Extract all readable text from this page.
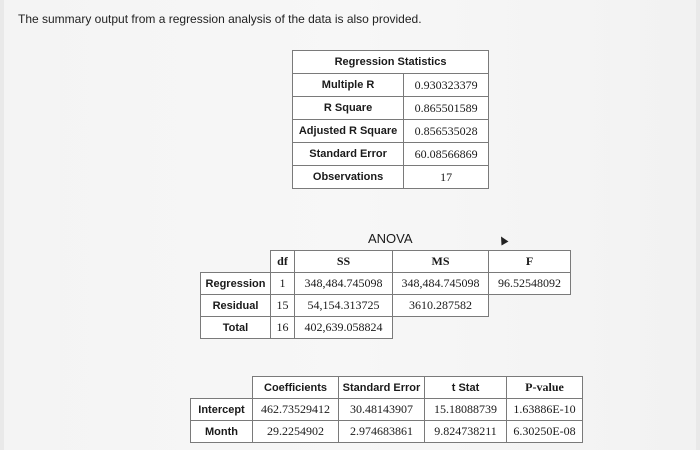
The summary output from a regression analysis of the data is also provided.
Regression Statistics	
Multiple R	0.930323379
R Square	0.865501589
Adjusted R Square	0.856535028
Standard Error	60.08566869
Observations	17
ANOVA
	df	SS	MS	F
Regression	1	348,484.745098	348,484.745098	96.52548092
Residual	15	54,154.313725	3610.287582	
Total	16	402,639.058824		
	Coefficients	Standard Error	t Stat	P-value
Intercept	462.73529412	30.48143907	15.18088739	1.63886E-10
Month	29.2254902	2.974683861	9.824738211	6.30250E-08
